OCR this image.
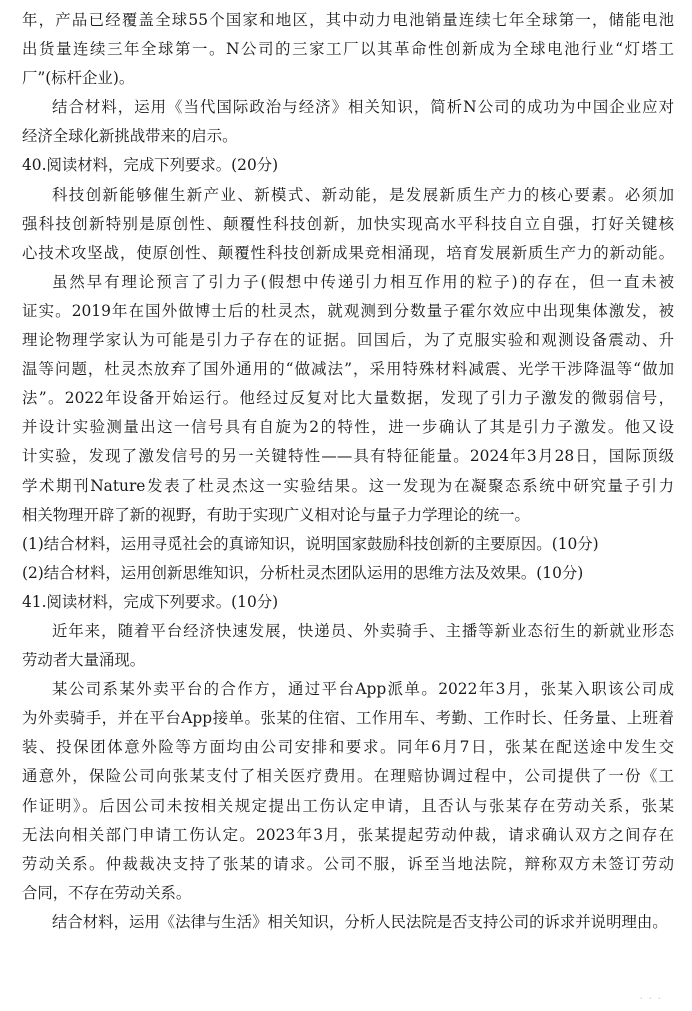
年，产品已经覆盖全球55个国家和地区，其中动力电池销量连续七年全球第一，储能电池
出货量连续三年全球第一。N公司的三家工厂以其革命性创新成为全球电池行业“灯塔工
厂”(标杆企业)。
结合材料，运用《当代国际政治与经济》相关知识，简析N公司的成功为中国企业应对
经济全球化新挑战带来的启示。
40.阅读材料，完成下列要求。(20分)
科技创新能够催生新产业、新模式、新动能，是发展新质生产力的核心要素。必须加
强科技创新特别是原创性、颠覆性科技创新，加快实现高水平科技自立自强，打好关键核
心技术攻坚战，使原创性、颠覆性科技创新成果竞相涌现，培育发展新质生产力的新动能。
虽然早有理论预言了引力子(假想中传递引力相互作用的粒子)的存在，但一直未被
证实。2019年在国外做博士后的杜灵杰，就观测到分数量子霍尔效应中出现集体激发，被
理论物理学家认为可能是引力子存在的证据。回国后，为了克服实验和观测设备震动、升
温等问题，杜灵杰放弃了国外通用的“做减法”，采用特殊材料减震、光学干涉降温等“做加
法”。2022年设备开始运行。他经过反复对比大量数据，发现了引力子激发的微弱信号，
并设计实验测量出这一信号具有自旋为2的特性，进一步确认了其是引力子激发。他又设
计实验，发现了激发信号的另一关键特性——具有特征能量。2024年3月28日，国际顶级
学术期刊Nature发表了杜灵杰这一实验结果。这一发现为在凝聚态系统中研究量子引力
相关物理开辟了新的视野，有助于实现广义相对论与量子力学理论的统一。
(1)结合材料，运用寻觅社会的真谛知识，说明国家鼓励科技创新的主要原因。(10分)
(2)结合材料，运用创新思维知识，分析杜灵杰团队运用的思维方法及效果。(10分)
41.阅读材料，完成下列要求。(10分)
近年来，随着平台经济快速发展，快递员、外卖骑手、主播等新业态衍生的新就业形态
劳动者大量涌现。
某公司系某外卖平台的合作方，通过平台App派单。2022年3月，张某入职该公司成
为外卖骑手，并在平台App接单。张某的住宿、工作用车、考勤、工作时长、任务量、上班着
装、投保团体意外险等方面均由公司安排和要求。同年6月7日，张某在配送途中发生交
通意外，保险公司向张某支付了相关医疗费用。在理赔协调过程中，公司提供了一份《工
作证明》。后因公司未按相关规定提出工伤认定申请，且否认与张某存在劳动关系，张某
无法向相关部门申请工伤认定。2023年3月，张某提起劳动仲裁，请求确认双方之间存在
劳动关系。仲裁裁决支持了张某的请求。公司不服，诉至当地法院，辩称双方未签订劳动
合同，不存在劳动关系。
结合材料，运用《法律与生活》相关知识，分析人民法院是否支持公司的诉求并说明理由。
· · ·
